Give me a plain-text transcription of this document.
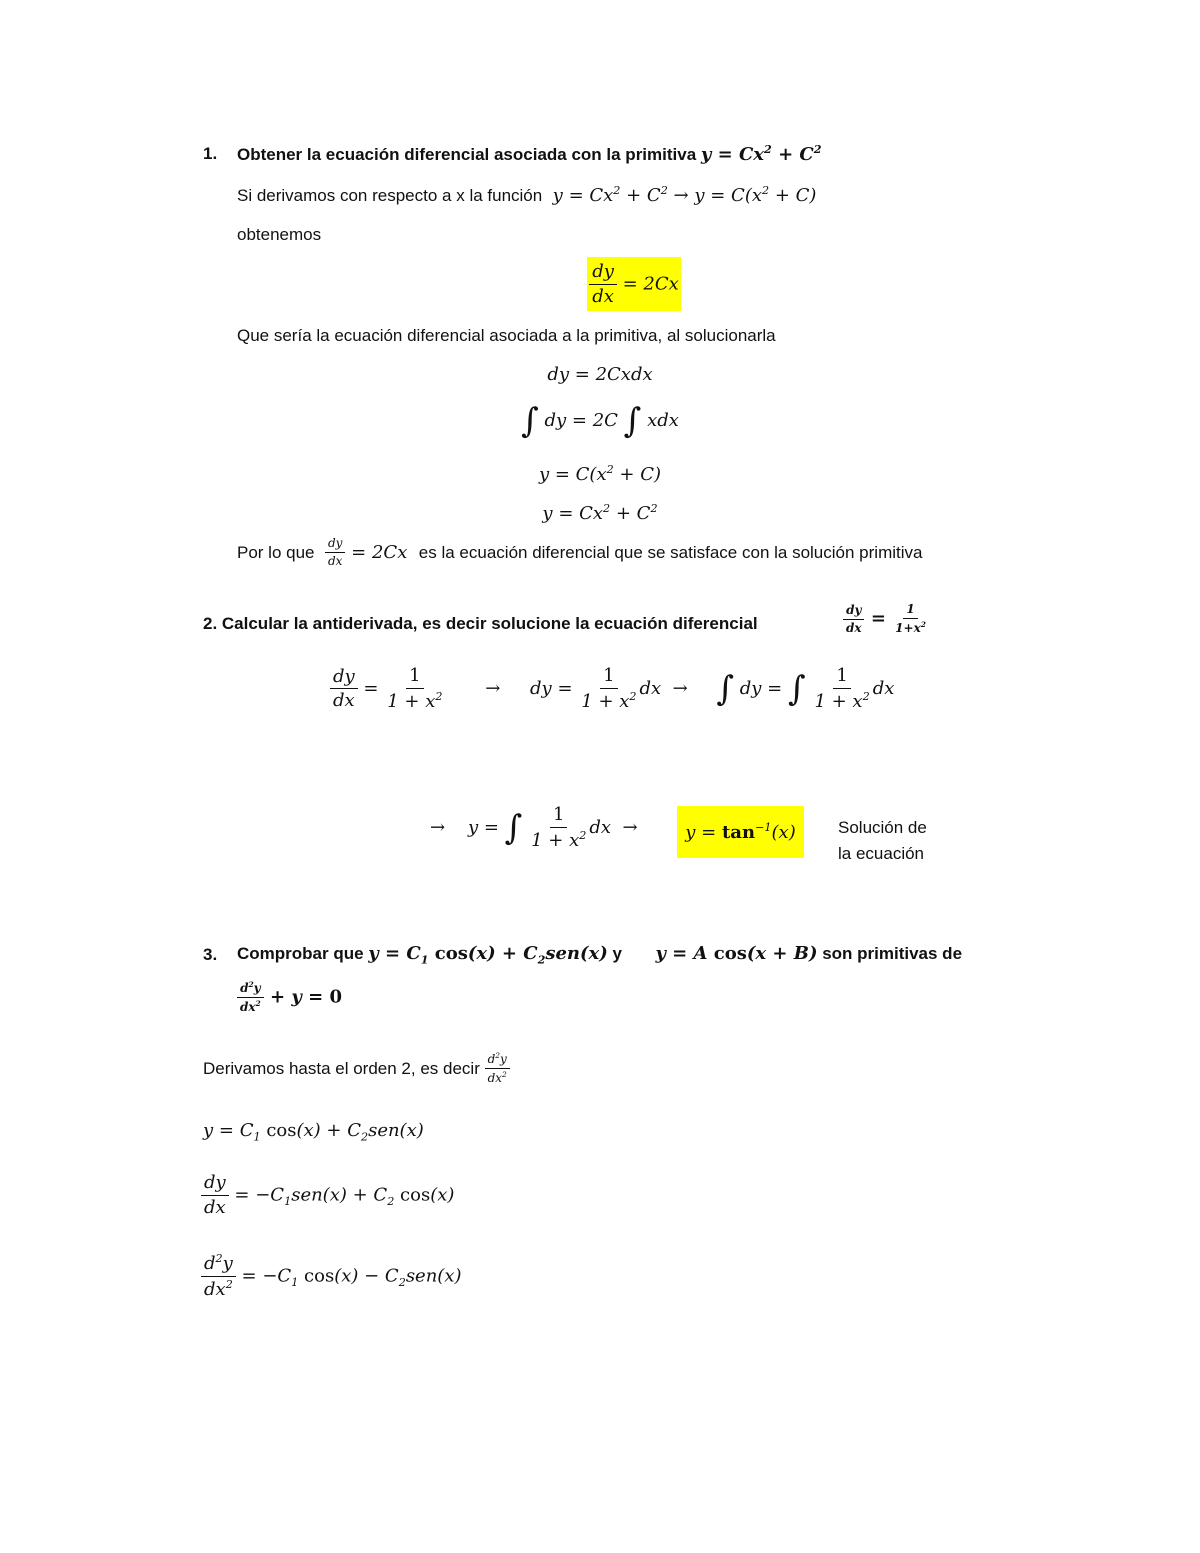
1. Obtener la ecuación diferencial asociada con la primitiva $y = Cx^2 + C^2$
Si derivamos con respecto a x la función  $y = Cx^2 + C^2 \to y = C(x^2 + C)$
obtenemos
$\frac{dy}{dx} = 2Cx$
Que sería la ecuación diferencial asociada a la primitiva, al solucionarla
dy = 2Cxdx
∫ dy = 2C ∫ xdx
$y = C(x^2 + C)$
$y = Cx^2 + C^2$
Por lo que $\frac{dy}{dx} = 2Cx$  es la ecuación diferencial que se satisface con la solución primitiva
2. Calcular la antiderivada, es decir solucione la ecuación diferencial	$\frac{dy}{dx} = \frac{1}{1+x^2}$
$\frac{dy}{dx} = \frac{1}{1 + x^2}$ → dy = $\frac{1}{1 + x^2}$ dx  →     ∫ dy = ∫ $\frac{1}{1 + x^2}$ dx
→    y = ∫ $\frac{1}{1 + x^2}$ dx  →	$y = \tan^{-1}(x)$ Solución de
la ecuación
3. Comprobar que $y = C_1$ $\cos(x) + C_2sen(x)$ y y = A cos(x + B) son primitivas de
$\frac{d^2y}{dx^2} + y = 0$
Derivamos hasta el orden 2, es decir $\frac{d^2y}{dx^2}$
$y = C_1$ $\cos(x) + C_2sen(x)$
$\frac{dy}{dx} = -C_1sen(x) + C_2$ cos(x)
$\frac{d^2y}{dx^2} = -C_1$ $\cos(x) - C_2sen(x)$
